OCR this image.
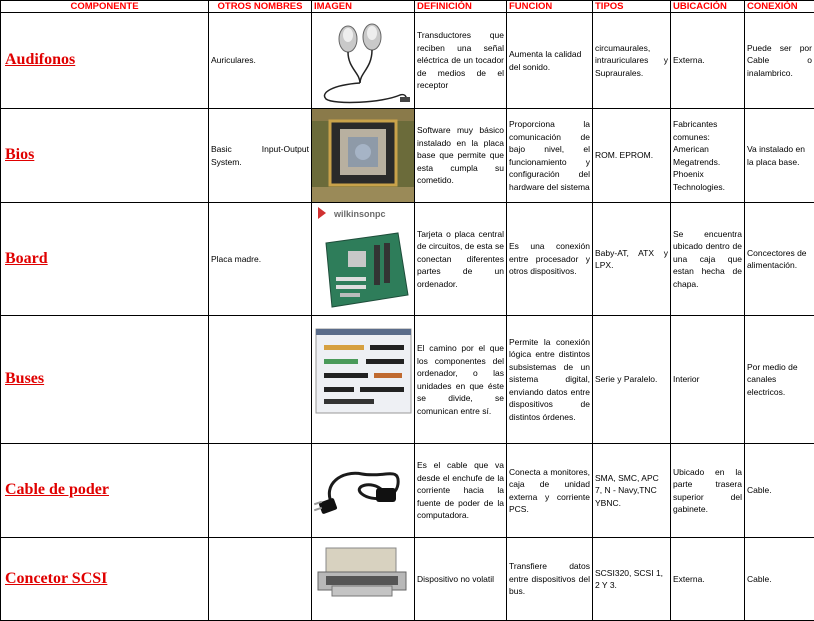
COMPONENTE	OTROS NOMBRES	IMAGEN	DEFINICIÓN	FUNCION	TIPOS	UBICACIÓN	CONEXIÓN
Audifonos	Auriculares.		Transductores que reciben una señal eléctrica de un tocador de medios de el receptor	Aumenta la calidad del sonido.	circumaurales, intrauriculares y Supraurales.	Externa.	Puede ser por Cable o inalambrico.
Bios	Basic Input-Output System.		Software muy básico instalado en la placa base que permite que esta cumpla su cometido.	Proporciona la comunicación de bajo nivel, el funcionamiento y configuración del hardware del sistema	ROM. EPROM.	Fabricantes comunes: American Megatrends. Phoenix Technologies.	Va instalado en la placa base.
Board	Placa madre.	wilkinsonpc	Tarjeta o placa central de circuitos, de esta se conectan diferentes partes de un ordenador.	Es una conexión entre procesador y otros dispositivos.	Baby-AT, ATX y LPX.	Se encuentra ubicado dentro de una caja que estan hecha de chapa.	Concectores de alimentación.
Buses			El camino por el que los componentes del ordenador, o las unidades en que éste se divide, se comunican entre sí.	Permite la conexión lógica entre distintos subsistemas de un sistema digital, enviando datos entre dispositivos de distintos órdenes.	Serie y Paralelo.	Interior	Por medio de canales electricos.
Cable de poder			Es el cable que va desde el enchufe de la corriente hacia la fuente de poder de la computadora.	Conecta a monitores, caja de unidad externa y corriente PCS.	SMA, SMC, APC 7, N - Navy,TNC YBNC.	Ubicado en la parte trasera superior del gabinete.	Cable.
Concetor SCSI			Dispositivo no volatil	Transfiere datos entre dispositivos del bus.	SCSI320, SCSI 1, 2 Y 3.	Externa.	Cable.
